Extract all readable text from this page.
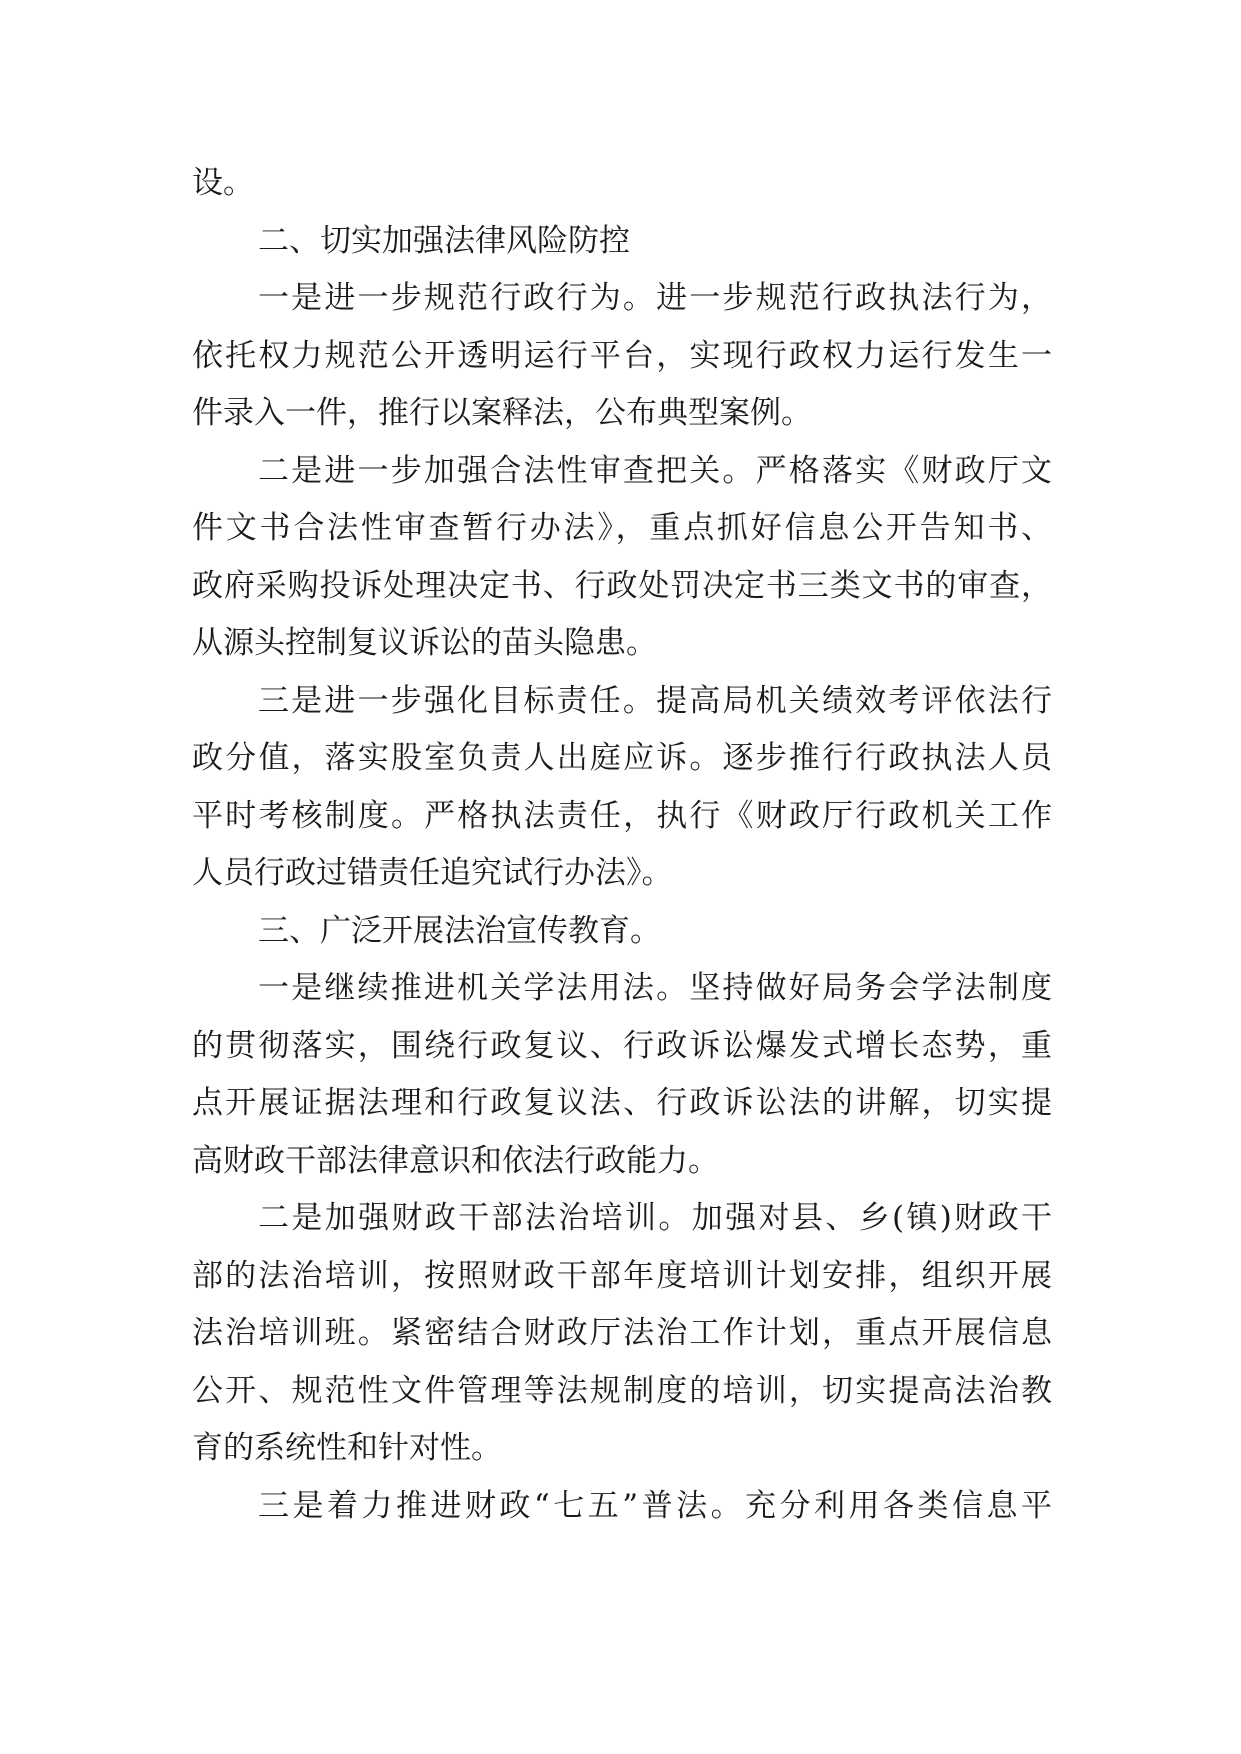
设。
二、切实加强法律风险防控
一是进一步规范行政行为。进一步规范行政执法行为，
依托权力规范公开透明运行平台，实现行政权力运行发生一
件录入一件，推行以案释法，公布典型案例。
二是进一步加强合法性审查把关。严格落实《财政厅文
件文书合法性审查暂行办法》，重点抓好信息公开告知书、
政府采购投诉处理决定书、行政处罚决定书三类文书的审查，
从源头控制复议诉讼的苗头隐患。
三是进一步强化目标责任。提高局机关绩效考评依法行
政分值，落实股室负责人出庭应诉。逐步推行行政执法人员
平时考核制度。严格执法责任，执行《财政厅行政机关工作
人员行政过错责任追究试行办法》。
三、广泛开展法治宣传教育。
一是继续推进机关学法用法。坚持做好局务会学法制度
的贯彻落实，围绕行政复议、行政诉讼爆发式增长态势，重
点开展证据法理和行政复议法、行政诉讼法的讲解，切实提
高财政干部法律意识和依法行政能力。
二是加强财政干部法治培训。加强对县、乡(镇)财政干
部的法治培训，按照财政干部年度培训计划安排，组织开展
法治培训班。紧密结合财政厅法治工作计划，重点开展信息
公开、规范性文件管理等法规制度的培训，切实提高法治教
育的系统性和针对性。
三是着力推进财政“七五”普法。充分利用各类信息平
